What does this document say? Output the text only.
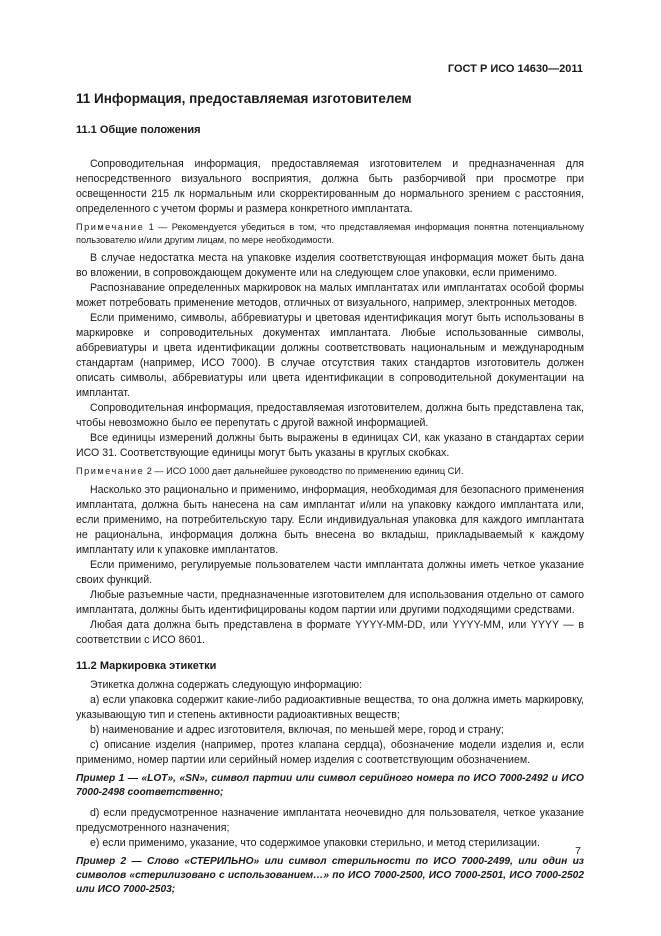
ГОСТ Р ИСО 14630—2011
11 Информация, предоставляемая изготовителем
11.1 Общие положения

Сопроводительная информация, предоставляемая изготовителем и предназначенная для непосредственного визуального восприятия, должна быть разборчивой при просмотре при освещенности 215 лк нормальным или скорректированным до нормального зрением с расстояния, определенного с учетом формы и размера конкретного имплантата.

Примечание 1 — Рекомендуется убедиться в том, что представляемая информация понятна потенциальному пользователю и/или другим лицам, по мере необходимости.

В случае недостатка места на упаковке изделия соответствующая информация может быть дана во вложении, в сопровождающем документе или на следующем слое упаковки, если применимо.

Распознавание определенных маркировок на малых имплантатах или имплантатах особой формы может потребовать применение методов, отличных от визуального, например, электронных методов.

Если применимо, символы, аббревиатуры и цветовая идентификация могут быть использованы в маркировке и сопроводительных документах имплантата. Любые использованные символы, аббревиатуры и цвета идентификации должны соответствовать национальным и международным стандартам (например, ИСО 7000). В случае отсутствия таких стандартов изготовитель должен описать символы, аббревиатуры или цвета идентификации в сопроводительной документации на имплантат.

Сопроводительная информация, предоставляемая изготовителем, должна быть представлена так, чтобы невозможно было ее перепутать с другой важной информацией.

Все единицы измерений должны быть выражены в единицах СИ, как указано в стандартах серии ИСО 31. Соответствующие единицы могут быть указаны в круглых скобках.

Примечание 2 — ИСО 1000 дает дальнейшее руководство по применению единиц СИ.

Насколько это рационально и применимо, информация, необходимая для безопасного применения имплантата, должна быть нанесена на сам имплантат и/или на упаковку каждого имплантата или, если применимо, на потребительскую тару. Если индивидуальная упаковка для каждого имплантата не рациональна, информация должна быть внесена во вкладыш, прикладываемый к каждому имплантату или к упаковке имплантатов.

Если применимо, регулируемые пользователем части имплантата должны иметь четкое указание своих функций.

Любые разъемные части, предназначенные изготовителем для использования отдельно от самого имплантата, должны быть идентифицированы кодом партии или другими подходящими средствами.

Любая дата должна быть представлена в формате YYYY-MM-DD, или YYYY-MM, или YYYY — в соответствии с ИСО 8601.

11.2 Маркировка этикетки

Этикетка должна содержать следующую информацию:

а) если упаковка содержит какие-либо радиоактивные вещества, то она должна иметь маркировку, указывающую тип и степень активности радиоактивных веществ;

b) наименование и адрес изготовителя, включая, по меньшей мере, город и страну;

с) описание изделия (например, протез клапана сердца), обозначение модели изделия и, если применимо, номер партии или серийный номер изделия с соответствующим обозначением.

Пример 1 — «LOT», «SN», символ партии или символ серийного номера по ИСО 7000-2492 и ИСО 7000-2498 соответственно;

d) если предусмотренное назначение имплантата неочевидно для пользователя, четкое указание предусмотренного назначения;

е) если применимо, указание, что содержимое упаковки стерильно, и метод стерилизации.

Пример 2 — Слово «СТЕРИЛЬНО» или символ стерильности по ИСО 7000-2499, или один из символов «стерилизовано с использованием…» по ИСО 7000-2500, ИСО 7000-2501, ИСО 7000-2502 или ИСО 7000-2503;
7
